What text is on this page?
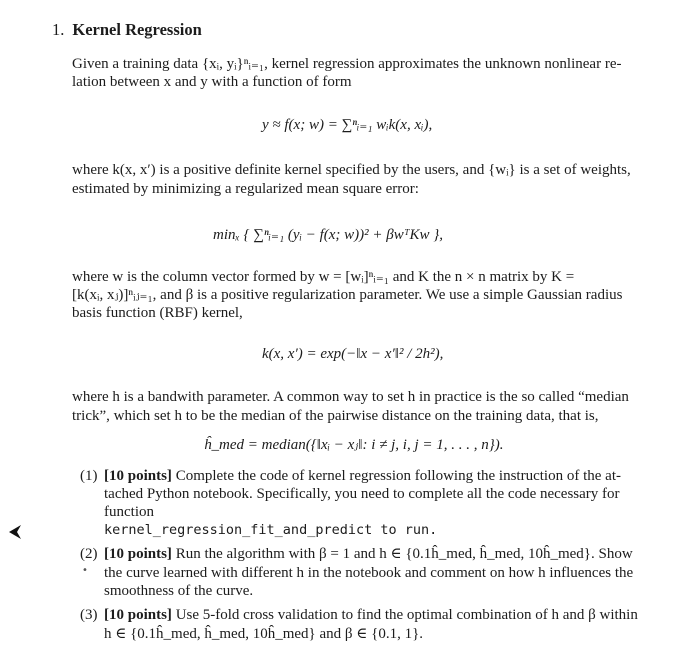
1. Kernel Regression
Given a training data {xᵢ, yᵢ}ⁿᵢ₌₁, kernel regression approximates the unknown nonlinear re-
lation between x and y with a function of form
y ≈ f(x; w) = ∑ⁿᵢ₌₁ wᵢk(x, xᵢ),
where k(x, x′) is a positive definite kernel specified by the users, and {wᵢ} is a set of weights,
estimated by minimizing a regularized mean square error:
minₓ { ∑ⁿᵢ₌₁ (yᵢ − f(x; w))² + βwᵀKw },
where w is the column vector formed by w = [wᵢ]ⁿᵢ₌₁ and K the n × n matrix by K =
[k(xᵢ, xⱼ)]ⁿᵢⱼ₌₁, and β is a positive regularization parameter. We use a simple Gaussian radius
basis function (RBF) kernel,
k(x, x′) = exp(−‖x − x′‖² / 2h²),
where h is a bandwith parameter. A common way to set h in practice is the so called “median
trick”, which set h to be the median of the pairwise distance on the training data, that is,
ĥ_med = median({‖xᵢ − xⱼ‖: i ≠ j, i, j = 1, . . . , n}).
(1) [10 points] Complete the code of kernel regression following the instruction of the at-
tached Python notebook. Specifically, you need to complete all the code necessary for
function
kernel_regression_fit_and_predict to run.
(2) [10 points] Run the algorithm with β = 1 and h ∈ {0.1ĥ_med, ĥ_med, 10ĥ_med}. Show
• the curve learned with different h in the notebook and comment on how h influences the
smoothness of the curve.
(3) [10 points] Use 5-fold cross validation to find the optimal combination of h and β within
h ∈ {0.1ĥ_med, ĥ_med, 10ĥ_med} and β ∈ {0.1, 1}.
